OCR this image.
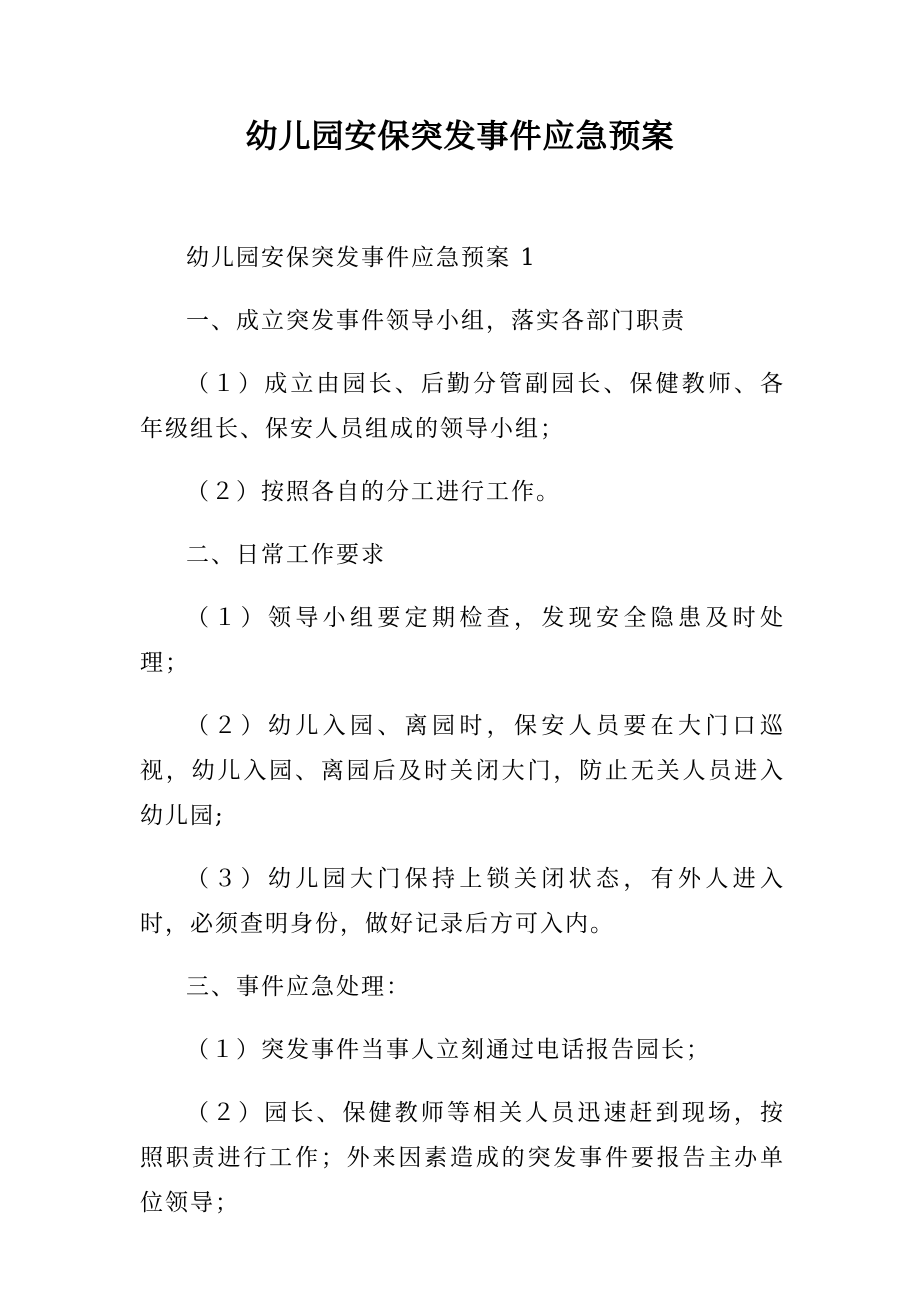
幼儿园安保突发事件应急预案

幼儿园安保突发事件应急预案 1

一、成立突发事件领导小组，落实各部门职责

（１）成立由园长、后勤分管副园长、保健教师、各年级组长、保安人员组成的领导小组；

（２）按照各自的分工进行工作。

二、日常工作要求

（１）领导小组要定期检查，发现安全隐患及时处理；

（２）幼儿入园、离园时，保安人员要在大门口巡视，幼儿入园、离园后及时关闭大门，防止无关人员进入幼儿园;

（３）幼儿园大门保持上锁关闭状态，有外人进入时，必须查明身份，做好记录后方可入内。

三、事件应急处理：

（１）突发事件当事人立刻通过电话报告园长；

（２）园长、保健教师等相关人员迅速赶到现场，按照职责进行工作；外来因素造成的突发事件要报告主办单位领导；
